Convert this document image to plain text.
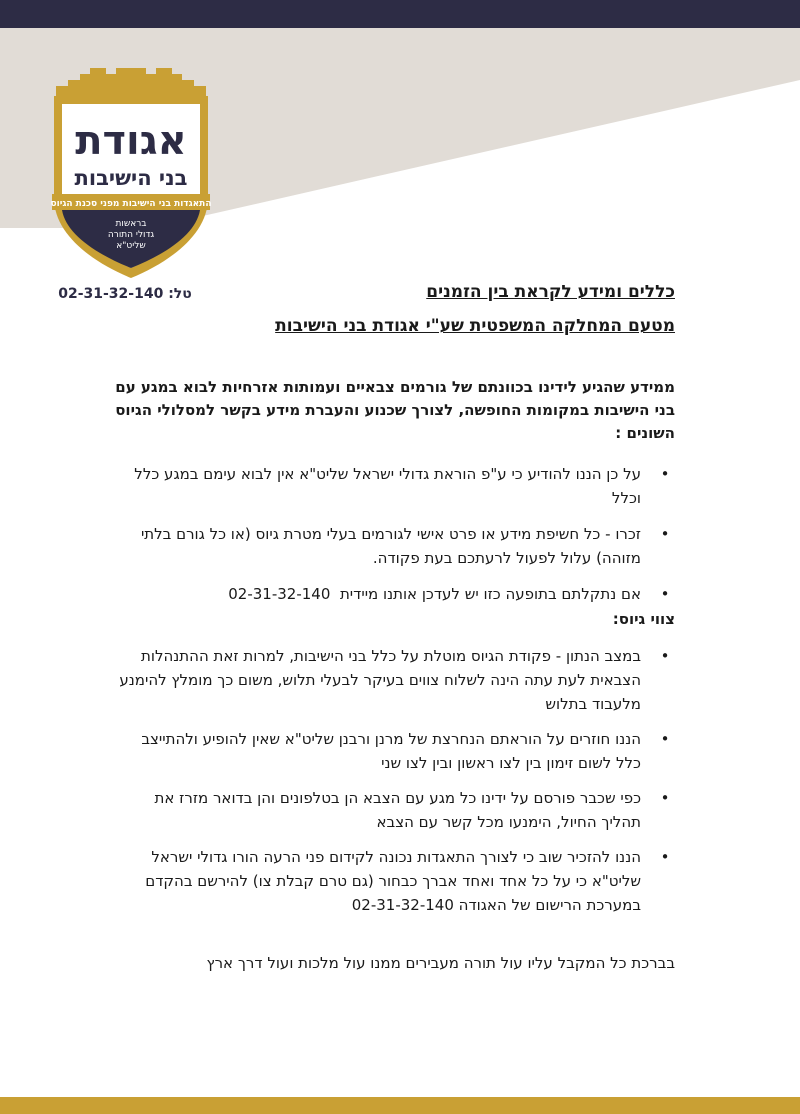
אגודת
בני הישיבות
התאגדות בני הישיבות מפני סכנת הגיוס
בראשות
גדולי התורה
שליט"א
טל: 02-31-32-140	כללים ומידע לקראת בין הזמנים
מטעם המחלקה המשפטית שע"י אגודת בני הישיבות
ממידע שהגיע לידינו בכוונתם של גורמים צבאיים ועמותות אזרחיות לבוא במגע עם בני הישיבות במקומות החופשה, לצורך שכנוע והעברת מידע בקשר למסלולי הגיוס השונים :
•
על כן הננו להודיע כי ע"פ הוראת גדולי ישראל שליט"א אין לבוא עימם במגע כלל וכלל
•
זכרו - כל חשיפת מידע או פרט אישי לגורמים בעלי מטרת גיוס (או כל גורם בלתי מזוהה) עלול לפעול לרעתכם בעת פקודה.
•
אם נתקלתם בתופעה כזו יש לעדכן אותנו מיידית  02-31-32-140
צווי גיוס:
•
במצב הנתון - פקודת הגיוס מוטלת על כלל בני הישיבות, למרות זאת ההתנהלות הצבאית לעת עתה הינה לשלוח צווים בעיקר לבעלי תלוש, משום כך מומלץ להימנע מלעבוד בתלוש
•
הננו חוזרים על הוראתם הנחרצת של מרנן ורבנן שליט"א שאין להופיע ולהתייצב כלל לשום זימון בין לצו ראשון ובין לצו שני
•
כפי שכבר פורסם על ידינו כל מגע עם הצבא הן בטלפונים והן בדואר מזרז את תהליך החיול, הימנעו מכל קשר עם הצבא
•
הננו להזכיר שוב כי לצורך התאגדות נכונה לקידום פני הרעה הורו גדולי ישראל שליט"א כי על כל אחד ואחד אברך כבחור (גם טרם קבלת צו) להירשם בהקדם במערכת הרישום של האגודה 02-31-32-140
בברכת כל המקבל עליו עול תורה מעבירים ממנו עול מלכות ועול דרך ארץ
